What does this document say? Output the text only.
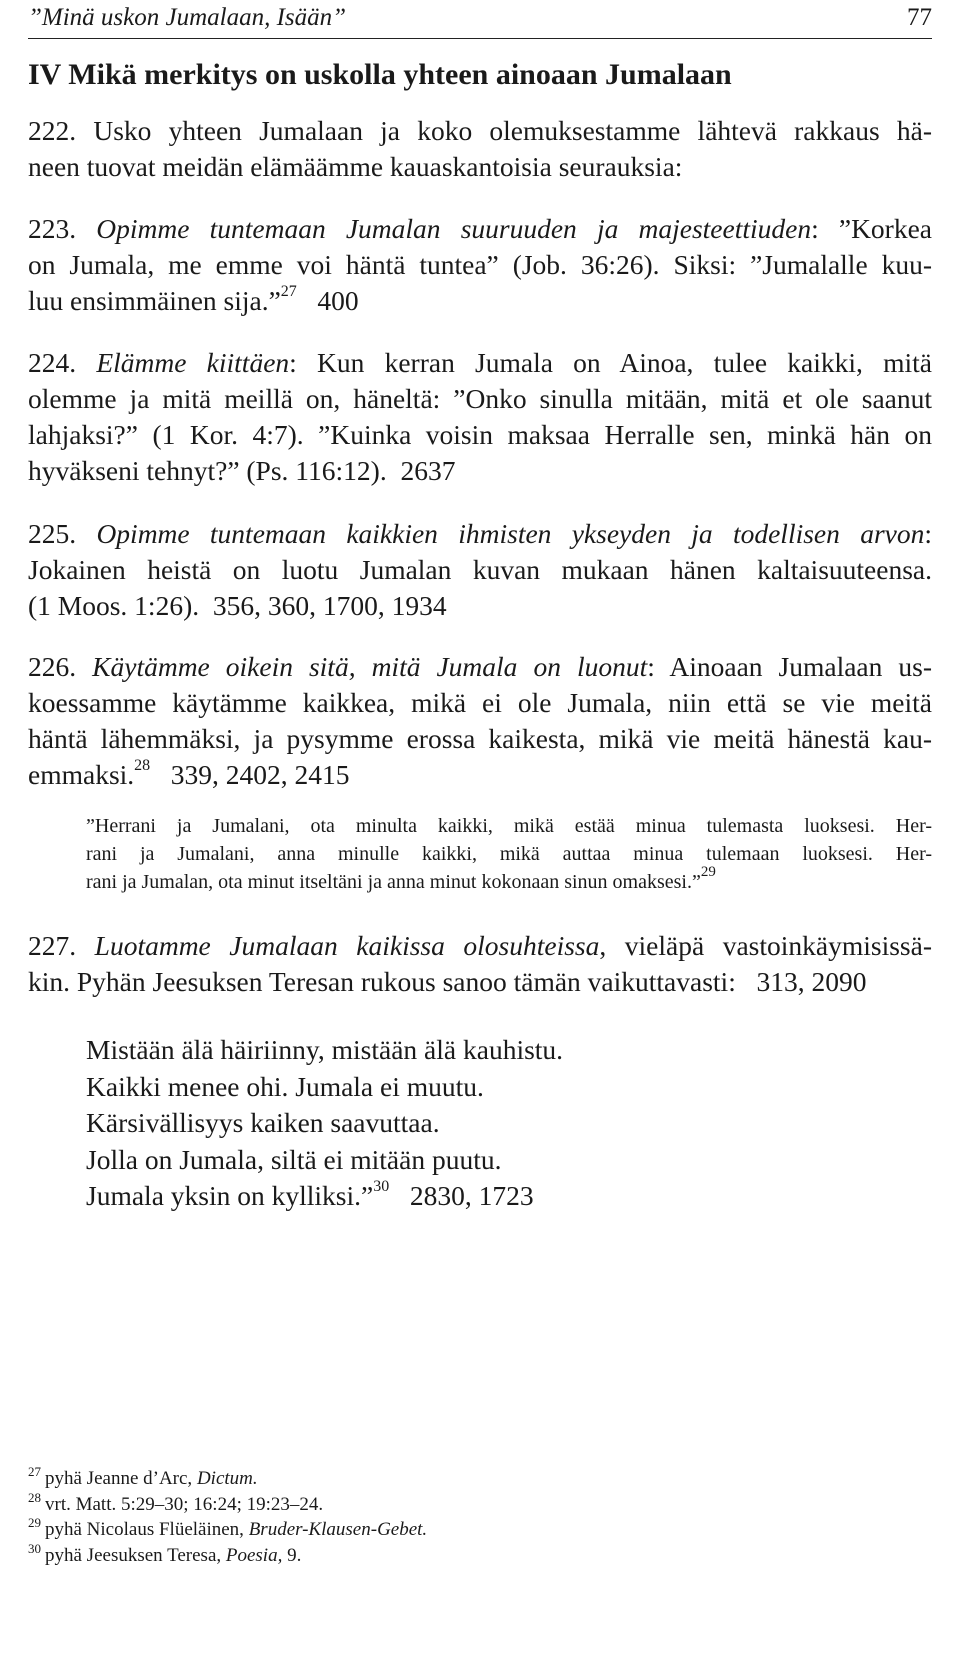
”Minä uskon Jumalaan, Isään”	77
IV Mikä merkitys on uskolla yhteen ainoaan Jumalaan
222. Usko yhteen Jumalaan ja koko olemuksestamme lähtevä rakkaus hä-
neen tuovat meidän elämäämme kauaskantoisia seurauksia:
223. Opimme tuntemaan Jumalan suuruuden ja majesteettiuden: ”Korkea
on Jumala, me emme voi häntä tuntea” (Job. 36:26). Siksi: ”Jumalalle kuu-
luu ensimmäinen sija.”$^{27}$ 400
224. Elämme kiittäen: Kun kerran Jumala on Ainoa, tulee kaikki, mitä
olemme ja mitä meillä on, häneltä: ”Onko sinulla mitään, mitä et ole saanut
lahjaksi?” (1 Kor. 4:7). ”Kuinka voisin maksaa Herralle sen, minkä hän on
hyväkseni tehnyt?” (Ps. 116:12). 2637
225. Opimme tuntemaan kaikkien ihmisten ykseyden ja todellisen arvon:
Jokainen heistä on luotu Jumalan kuvan mukaan hänen kaltaisuuteensa.
(1 Moos. 1:26). 356, 360, 1700, 1934
226. Käytämme oikein sitä, mitä Jumala on luonut: Ainoaan Jumalaan us-
koessamme käytämme kaikkea, mikä ei ole Jumala, niin että se vie meitä
häntä lähemmäksi, ja pysymme erossa kaikesta, mikä vie meitä hänestä kau-
emmaksi.$^{28}$ 339, 2402, 2415
”Herrani ja Jumalani, ota minulta kaikki, mikä estää minua tulemasta luoksesi. Her-
rani ja Jumalani, anna minulle kaikki, mikä auttaa minua tulemaan luoksesi. Her-
rani ja Jumalan, ota minut itseltäni ja anna minut kokonaan sinun omaksesi.”$^{29}$
227. Luotamme Jumalaan kaikissa olosuhteissa, vieläpä vastoinkäymisissä-
kin. Pyhän Jeesuksen Teresan rukous sanoo tämän vaikuttavasti: 313, 2090
Mistään älä häiriinny, mistään älä kauhistu.
Kaikki menee ohi. Jumala ei muutu.
Kärsivällisyys kaiken saavuttaa.
Jolla on Jumala, siltä ei mitään puutu.
Jumala yksin on kylliksi.”$^{30}$ 2830, 1723
$^{27}$ pyhä Jeanne d’Arc, Dictum.
$^{28}$ vrt. Matt. 5:29–30; 16:24; 19:23–24.
$^{29}$ pyhä Nicolaus Flüeläinen, Bruder-Klausen-Gebet.
$^{30}$ pyhä Jeesuksen Teresa, Poesia, 9.
